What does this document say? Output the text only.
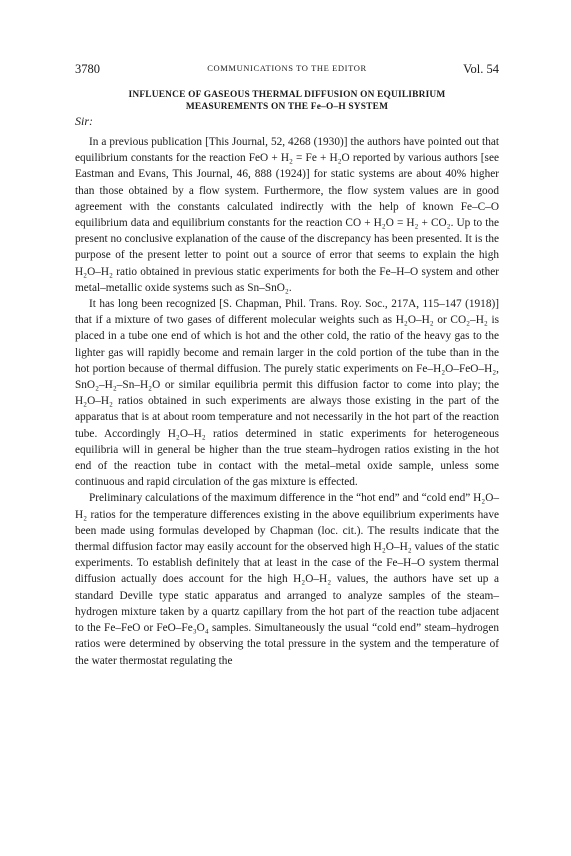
3780	COMMUNICATIONS TO THE EDITOR	Vol. 54
INFLUENCE OF GASEOUS THERMAL DIFFUSION ON EQUILIBRIUM
MEASUREMENTS ON THE Fe–O–H SYSTEM
Sir:

In a previous publication [This Journal, 52, 4268 (1930)] the authors have pointed out that equilibrium constants for the reaction FeO + H₂ = Fe + H₂O reported by various authors [see Eastman and Evans, This Journal, 46, 888 (1924)] for static systems are about 40% higher than those obtained by a flow system. Furthermore, the flow system values are in good agreement with the constants calculated indirectly with the help of known Fe–C–O equilibrium data and equilibrium constants for the reaction CO + H₂O = H₂ + CO₂. Up to the present no conclusive explanation of the cause of the discrepancy has been presented. It is the purpose of the present letter to point out a source of error that seems to explain the high H₂O–H₂ ratio obtained in previous static experiments for both the Fe–H–O system and other metal–metallic oxide systems such as Sn–SnO₂.

It has long been recognized [S. Chapman, Phil. Trans. Roy. Soc., 217A, 115–147 (1918)] that if a mixture of two gases of different molecular weights such as H₂O–H₂ or CO₂–H₂ is placed in a tube one end of which is hot and the other cold, the ratio of the heavy gas to the lighter gas will rapidly become and remain larger in the cold portion of the tube than in the hot portion because of thermal diffusion. The purely static experiments on Fe–H₂O–FeO–H₂, SnO₂–H₂–Sn–H₂O or similar equilibria permit this diffusion factor to come into play; the H₂O–H₂ ratios obtained in such experiments are always those existing in the part of the apparatus that is at about room temperature and not necessarily in the hot part of the reaction tube. Accordingly H₂O–H₂ ratios determined in static experiments for heterogeneous equilibria will in general be higher than the true steam–hydrogen ratios existing in the hot end of the reaction tube in contact with the metal–metal oxide sample, unless some continuous and rapid circulation of the gas mixture is effected.

Preliminary calculations of the maximum difference in the “hot end” and “cold end” H₂O–H₂ ratios for the temperature differences existing in the above equilibrium experiments have been made using formulas developed by Chapman (loc. cit.). The results indicate that the thermal diffusion factor may easily account for the observed high H₂O–H₂ values of the static experiments. To establish definitely that at least in the case of the Fe–H–O system thermal diffusion actually does account for the high H₂O–H₂ values, the authors have set up a standard Deville type static apparatus and arranged to analyze samples of the steam–hydrogen mixture taken by a quartz capillary from the hot part of the reaction tube adjacent to the Fe–FeO or FeO–Fe₃O₄ samples. Simultaneously the usual “cold end” steam–hydrogen ratios were determined by observing the total pressure in the system and the temperature of the water thermostat regulating the
